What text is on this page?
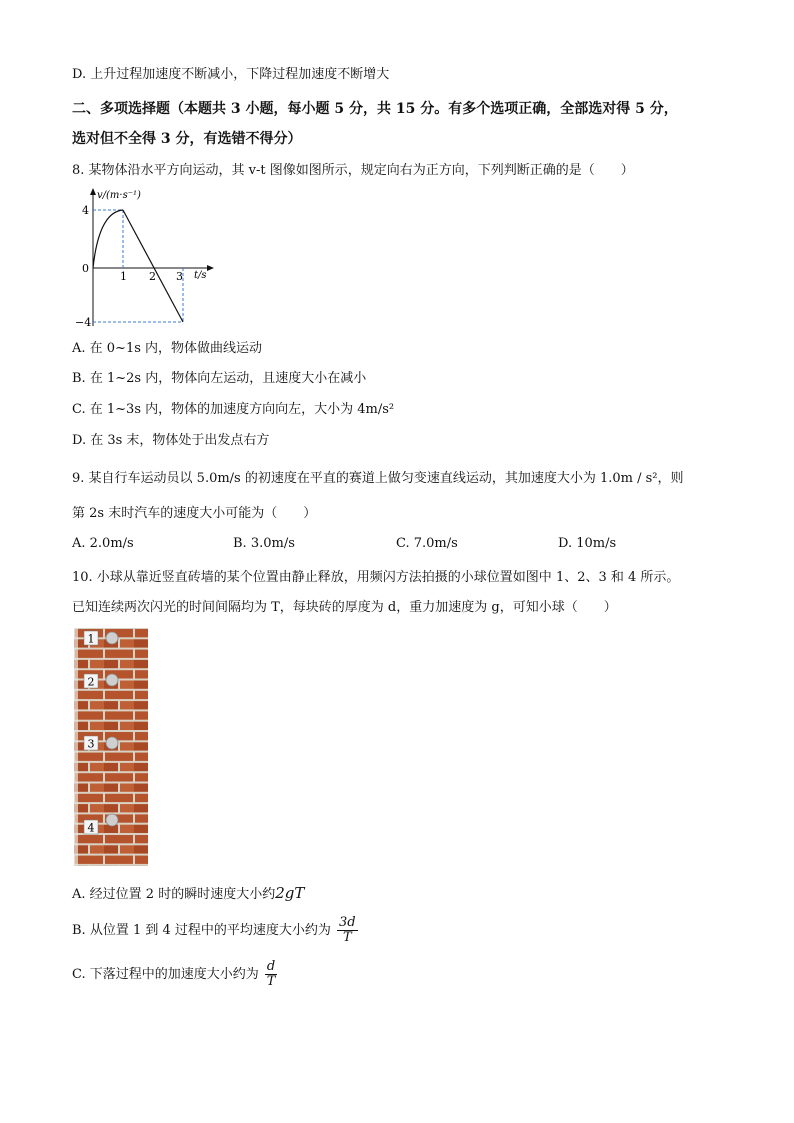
D. 上升过程加速度不断减小，下降过程加速度不断增大
二、多项选择题（本题共 3 小题，每小题 5 分，共 15 分。有多个选项正确，全部选对得 5 分，
选对但不全得 3 分，有选错不得分）
8. 某物体沿水平方向运动，其 v-t 图像如图所示，规定向右为正方向，下列判断正确的是（　　）
v/(m·s⁻¹)
t/s
4
0
−4
1 2 3
A. 在 0~1s 内，物体做曲线运动
B. 在 1~2s 内，物体向左运动，且速度大小在减小
C. 在 1~3s 内，物体的加速度方向向左，大小为 4m/s²
D. 在 3s 末，物体处于出发点右方
9. 某自行车运动员以 5.0m/s 的初速度在平直的赛道上做匀变速直线运动，其加速度大小为 1.0m / s²，则
第 2s 末时汽车的速度大小可能为（　　）
A. 2.0m/s	B. 3.0m/s	C. 7.0m/s	D. 10m/s
10. 小球从靠近竖直砖墙的某个位置由静止释放，用频闪方法拍摄的小球位置如图中 1、2、3 和 4 所示。
已知连续两次闪光的时间间隔均为 T，每块砖的厚度为 d，重力加速度为 g，可知小球（　　）
1
2
3
4
A. 经过位置 2 时的瞬时速度大小约2gT
B. 从位置 1 到 4 过程中的平均速度大小约为 $\frac{3d}{T}$
C. 下落过程中的加速度大小约为 $\frac{d}{T}$
